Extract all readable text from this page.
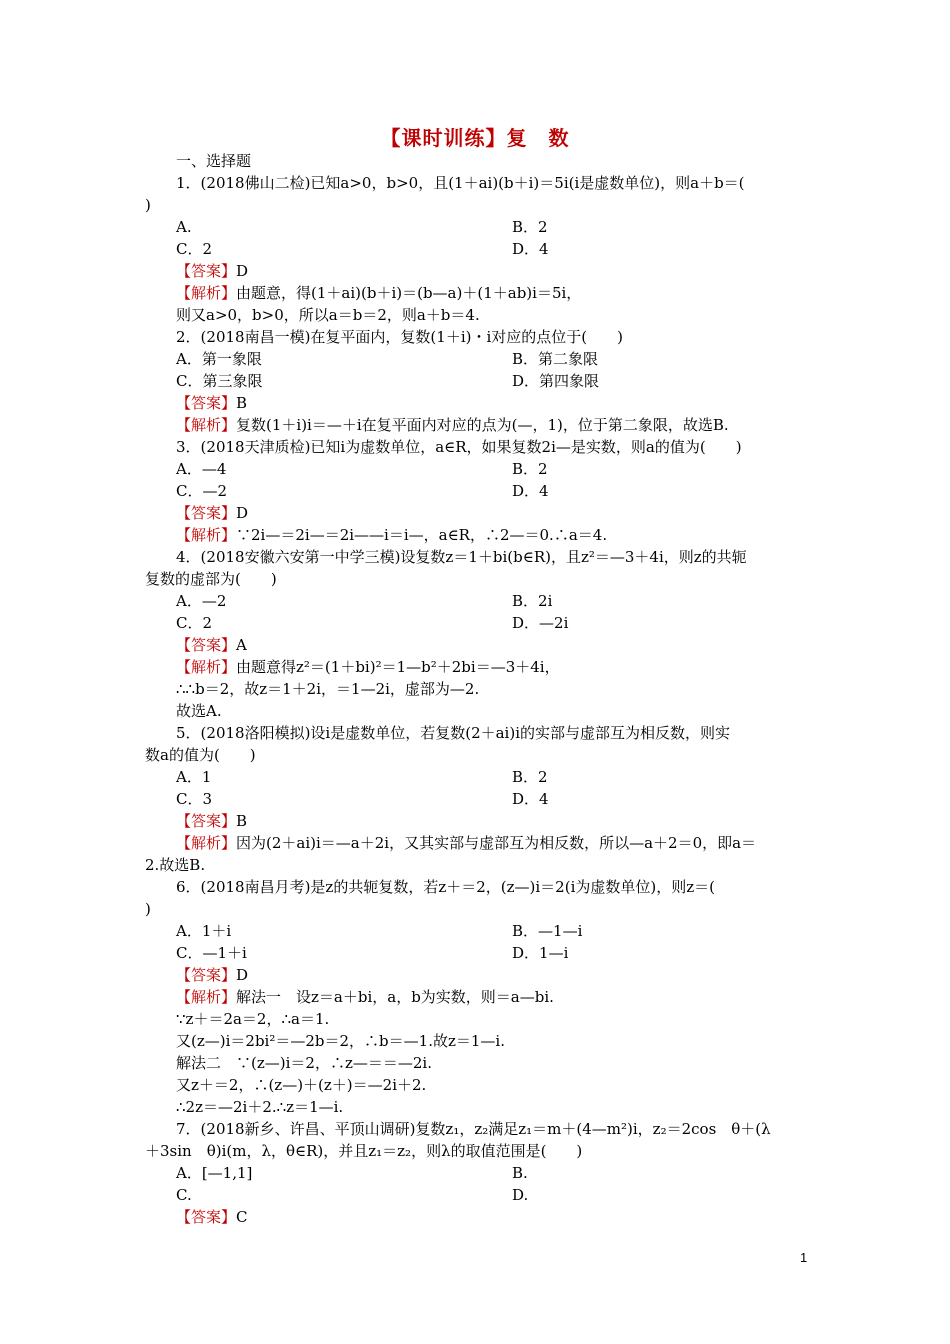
【课时训练】复　数
一、选择题
1．(2018佛山二检)已知a>0，b>0，且(1＋ai)(b＋i)＝5i(i是虚数单位)，则a＋b＝(
)
A.	B．2
C．2	D．4
【答案】D
【解析】由题意，得(1＋ai)(b＋i)＝(b—a)＋(1＋ab)i＝5i，
则又a>0，b>0，所以a＝b＝2，则a＋b＝4.
2．(2018南昌一模)在复平面内，复数(1＋i)・i对应的点位于(　　)
A．第一象限	B．第二象限
C．第三象限	D．第四象限
【答案】B
【解析】复数(1＋i)i＝—＋i在复平面内对应的点为(—，1)，位于第二象限，故选B.
3．(2018天津质检)已知i为虚数单位，a∈R，如果复数2i—是实数，则a的值为(　　)
A．—4	B．2
C．—2	D．4
【答案】D
【解析】∵2i—＝2i—＝2i——i＝i—，a∈R，∴2—＝0.∴a＝4.
4．(2018安徽六安第一中学三模)设复数z＝1＋bi(b∈R)，且z²＝—3＋4i，则z的共轭
复数的虚部为(　　)
A．—2	B．2i
C．2	D．—2i
【答案】A
【解析】由题意得z²＝(1＋bi)²＝1—b²＋2bi＝—3＋4i，
∴∴b＝2，故z＝1＋2i，＝1—2i，虚部为—2.
故选A.
5．(2018洛阳模拟)设i是虚数单位，若复数(2＋ai)i的实部与虚部互为相反数，则实
数a的值为(　　)
A．1	B．2
C．3	D．4
【答案】B
【解析】因为(2＋ai)i＝—a＋2i，又其实部与虚部互为相反数，所以—a＋2＝0，即a＝
2.故选B.
6．(2018南昌月考)是z的共轭复数，若z＋＝2，(z—)i＝2(i为虚数单位)，则z＝(
)
A．1＋i	B．—1—i
C．—1＋i	D．1—i
【答案】D
【解析】解法一　设z＝a＋bi，a，b为实数，则＝a—bi.
∵z＋＝2a＝2，∴a＝1.
又(z—)i＝2bi²＝—2b＝2，∴b＝—1.故z＝1—i.
解法二　∵(z—)i＝2，∴z—＝＝—2i.
又z＋＝2，∴(z—)＋(z＋)＝—2i＋2.
∴2z＝—2i＋2.∴z＝1—i.
7．(2018新乡、许昌、平顶山调研)复数z₁，z₂满足z₁＝m＋(4—m²)i，z₂＝2cos　θ＋(λ
＋3sin　θ)i(m，λ，θ∈R)，并且z₁＝z₂，则λ的取值范围是(　　)
A．[—1,1]	B.
C.	D.
【答案】C
1
